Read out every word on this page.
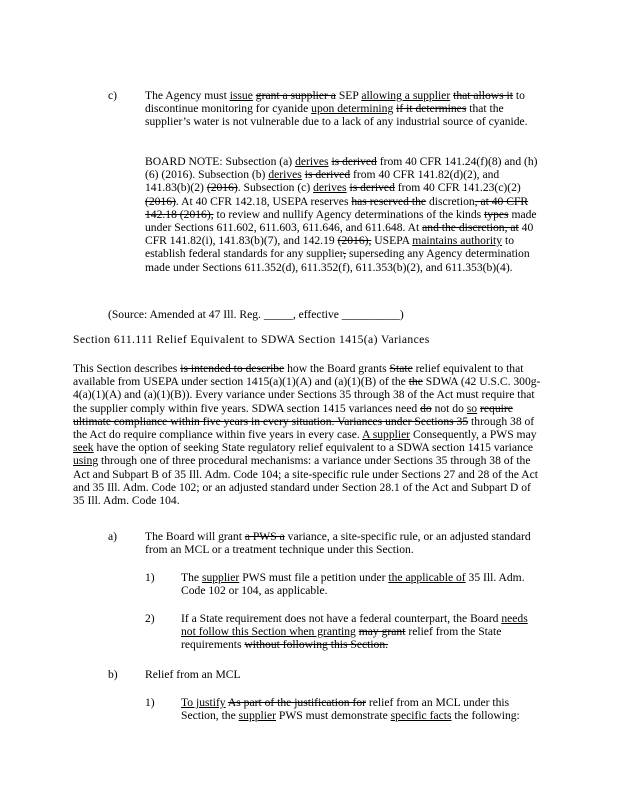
c) The Agency must issue grant a supplier a SEP allowing a supplier that allows it to discontinue monitoring for cyanide upon determining if it determines that the supplier’s water is not vulnerable due to a lack of any industrial source of cyanide.
BOARD NOTE: Subsection (a) derives is derived from 40 CFR 141.24(f)(8) and (h)(6) (2016). Subsection (b) derives is derived from 40 CFR 141.82(d)(2), and 141.83(b)(2) (2016). Subsection (c) derives is derived from 40 CFR 141.23(c)(2) (2016). At 40 CFR 142.18, USEPA reserves has reserved the discretion, at 40 CFR 142.18 (2016), to review and nullify Agency determinations of the kinds types made under Sections 611.602, 611.603, 611.646, and 611.648. At and the discretion, at 40 CFR 141.82(i), 141.83(b)(7), and 142.19 (2016), USEPA maintains authority to establish federal standards for any supplier, superseding any Agency determination made under Sections 611.352(d), 611.352(f), 611.353(b)(2), and 611.353(b)(4).
(Source: Amended at 47 Ill. Reg. _____, effective __________)
Section 611.111 Relief Equivalent to SDWA Section 1415(a) Variances
This Section describes is intended to describe how the Board grants State relief equivalent to that available from USEPA under section 1415(a)(1)(A) and (a)(1)(B) of the the SDWA (42 U.S.C. 300g-4(a)(1)(A) and (a)(1)(B)). Every variance under Sections 35 through 38 of the Act must require that the supplier comply within five years. SDWA section 1415 variances need do not do so require ultimate compliance within five years in every situation. Variances under Sections 35 through 38 of the Act do require compliance within five years in every case. A supplier Consequently, a PWS may seek have the option of seeking State regulatory relief equivalent to a SDWA section 1415 variance using through one of three procedural mechanisms: a variance under Sections 35 through 38 of the Act and Subpart B of 35 Ill. Adm. Code 104; a site-specific rule under Sections 27 and 28 of the Act and 35 Ill. Adm. Code 102; or an adjusted standard under Section 28.1 of the Act and Subpart D of 35 Ill. Adm. Code 104.
a) The Board will grant a PWS a variance, a site-specific rule, or an adjusted standard from an MCL or a treatment technique under this Section.
1) The supplier PWS must file a petition under the applicable of 35 Ill. Adm. Code 102 or 104, as applicable.
2) If a State requirement does not have a federal counterpart, the Board needs not follow this Section when granting may grant relief from the State requirements without following this Section.
b) Relief from an MCL
1) To justify As part of the justification for relief from an MCL under this Section, the supplier PWS must demonstrate specific facts the following:
